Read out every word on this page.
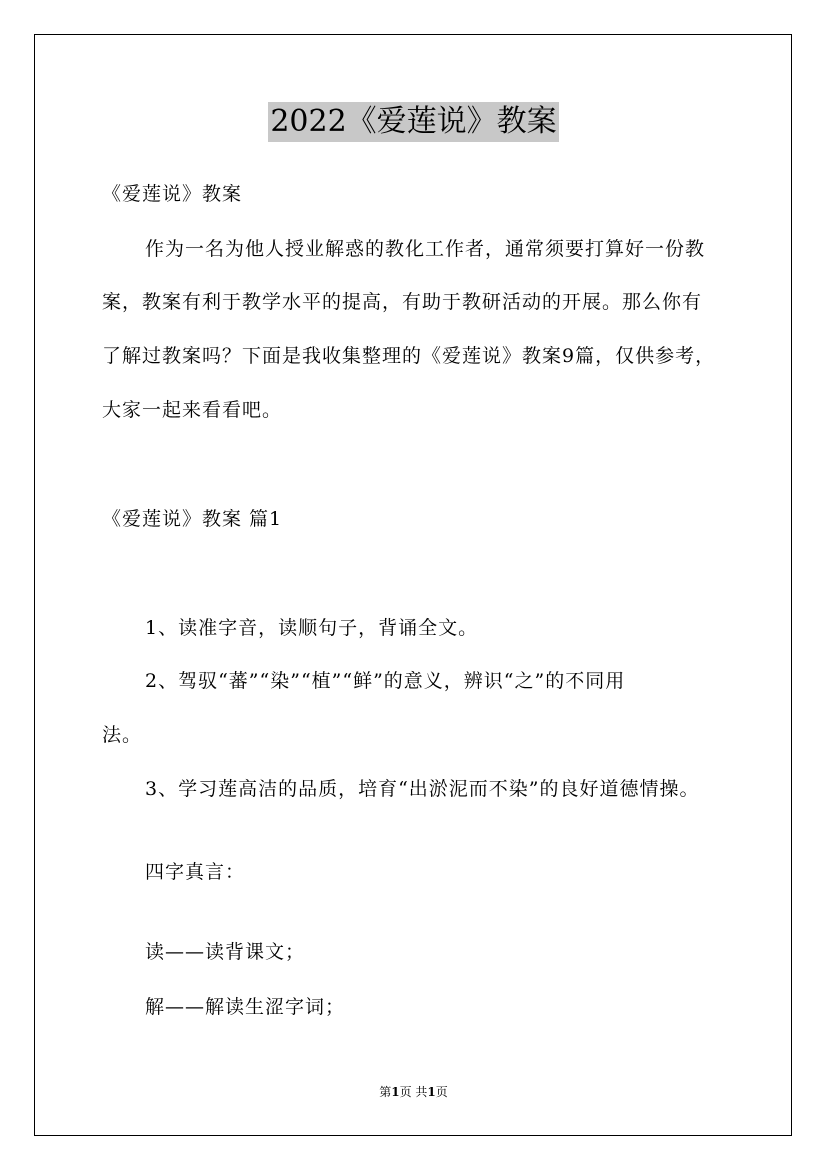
2022《爱莲说》教案
《爱莲说》教案
作为一名为他人授业解惑的教化工作者，通常须要打算好一份教
案，教案有利于教学水平的提高，有助于教研活动的开展。那么你有
了解过教案吗？下面是我收集整理的《爱莲说》教案9篇，仅供参考，
大家一起来看看吧。
《爱莲说》教案 篇1
1、读准字音，读顺句子，背诵全文。
2、驾驭“蕃”“染”“植”“鲜”的意义，辨识“之”的不同用
法。
3、学习莲高洁的品质，培育“出淤泥而不染”的良好道德情操。
四字真言：
读——读背课文；
解——解读生涩字词；
第1页 共1页
